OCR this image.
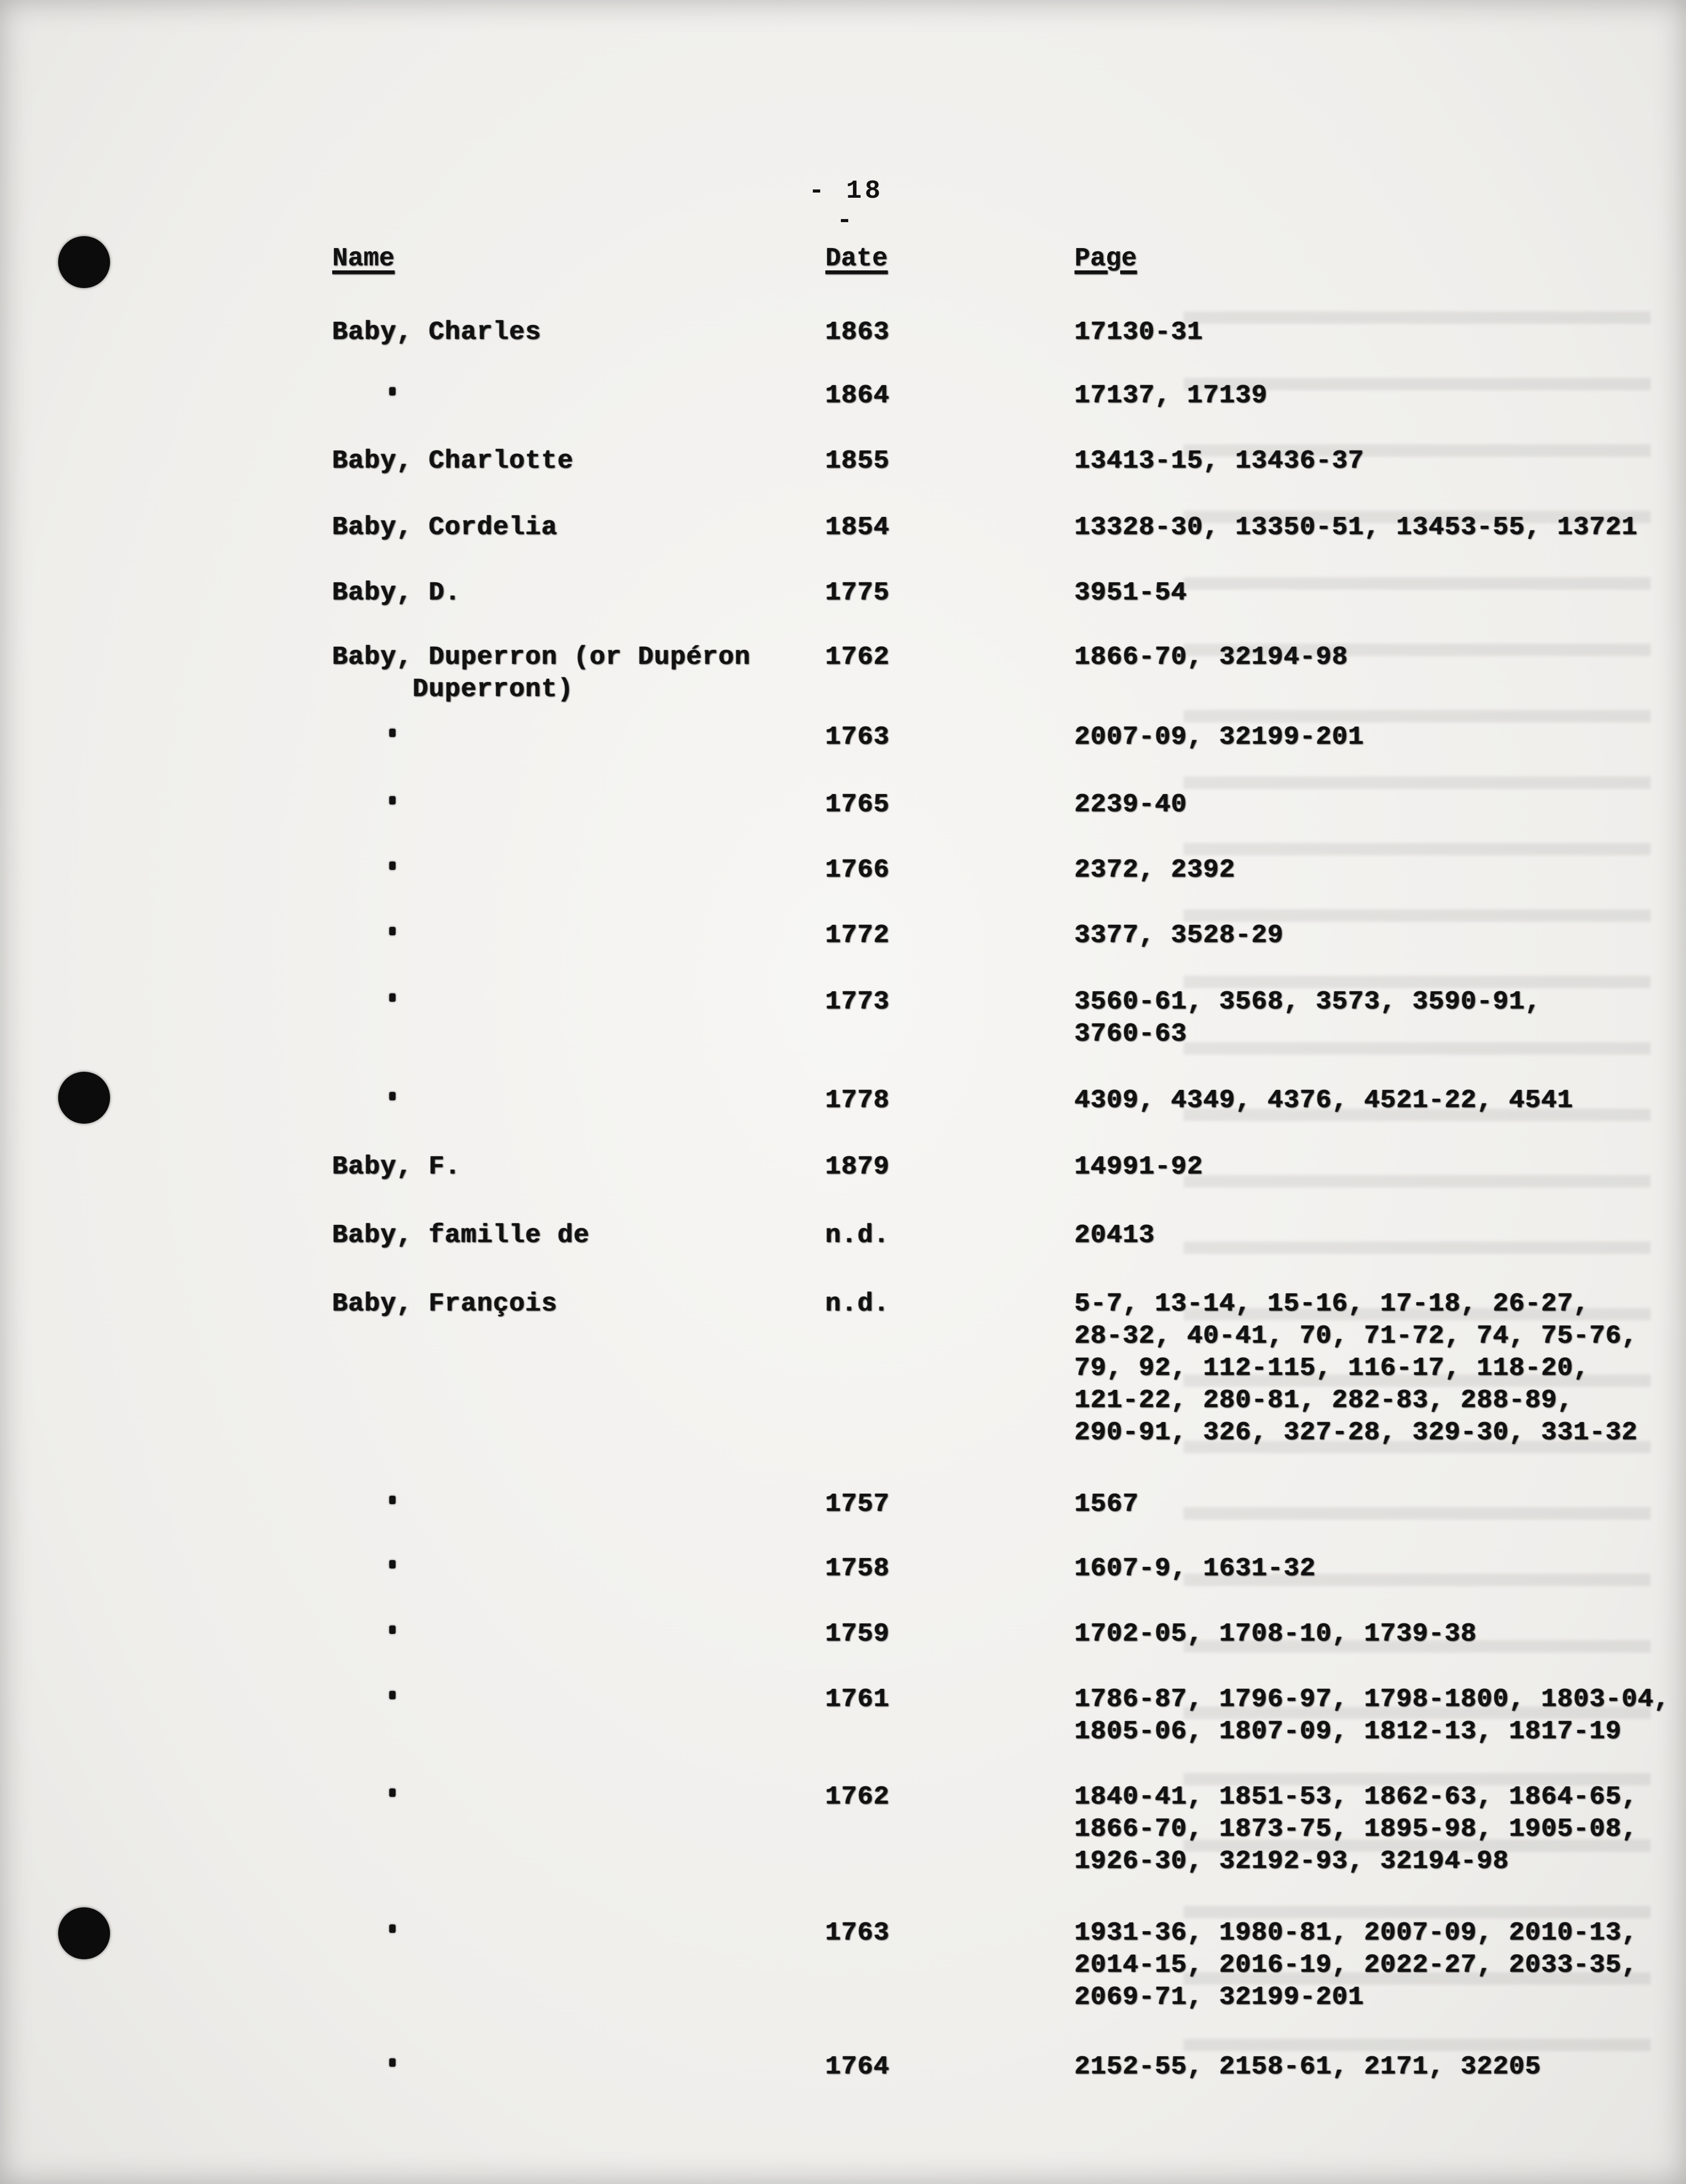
- 18 -
Name	Date	Page
Baby, Charles	1863	17130-31
1864	17137, 17139
Baby, Charlotte	1855	13413-15, 13436-37
Baby, Cordelia	1854	13328-30, 13350-51, 13453-55, 13721
Baby, D.	1775	3951-54
Baby, Duperron (or Dupéron
Duperront)
1762	1866-70, 32194-98
1763	2007-09, 32199-201
1765	2239-40
1766	2372, 2392
1772	3377, 3528-29
1773	3560-61, 3568, 3573, 3590-91,
3760-63
1778	4309, 4349, 4376, 4521-22, 4541
Baby, F.	1879	14991-92
Baby, famille de	n.d.	20413
Baby, François	n.d.	5-7, 13-14, 15-16, 17-18, 26-27,
28-32, 40-41, 70, 71-72, 74, 75-76,
79, 92, 112-115, 116-17, 118-20,
121-22, 280-81, 282-83, 288-89,
290-91, 326, 327-28, 329-30, 331-32
1757	1567
1758	1607-9, 1631-32
1759	1702-05, 1708-10, 1739-38
1761	1786-87, 1796-97, 1798-1800, 1803-04,
1805-06, 1807-09, 1812-13, 1817-19
1762	1840-41, 1851-53, 1862-63, 1864-65,
1866-70, 1873-75, 1895-98, 1905-08,
1926-30, 32192-93, 32194-98
1763	1931-36, 1980-81, 2007-09, 2010-13,
2014-15, 2016-19, 2022-27, 2033-35,
2069-71, 32199-201
1764	2152-55, 2158-61, 2171, 32205
